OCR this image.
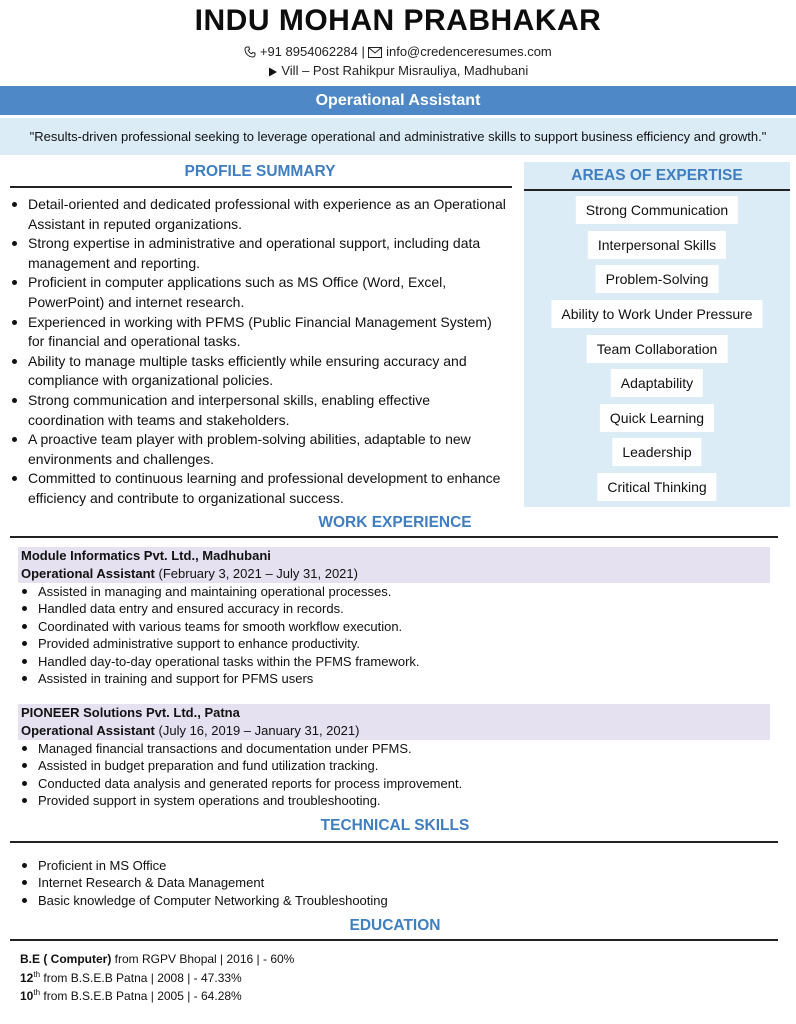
INDU MOHAN PRABHAKAR
+91 8954062284 | info@credenceresumes.com
Vill – Post Rahikpur Misrauliya, Madhubani
Operational Assistant
"Results-driven professional seeking to leverage operational and administrative skills to support business efficiency and growth."
PROFILE SUMMARY
Detail-oriented and dedicated professional with experience as an Operational Assistant in reputed organizations.
Strong expertise in administrative and operational support, including data management and reporting.
Proficient in computer applications such as MS Office (Word, Excel, PowerPoint) and internet research.
Experienced in working with PFMS (Public Financial Management System) for financial and operational tasks.
Ability to manage multiple tasks efficiently while ensuring accuracy and compliance with organizational policies.
Strong communication and interpersonal skills, enabling effective coordination with teams and stakeholders.
A proactive team player with problem-solving abilities, adaptable to new environments and challenges.
Committed to continuous learning and professional development to enhance efficiency and contribute to organizational success.
AREAS OF EXPERTISE
Strong Communication
Interpersonal Skills
Problem-Solving
Ability to Work Under Pressure
Team Collaboration
Adaptability
Quick Learning
Leadership
Critical Thinking
WORK EXPERIENCE
Module Informatics Pvt. Ltd., Madhubani
Operational Assistant (February 3, 2021 – July 31, 2021)
Assisted in managing and maintaining operational processes.
Handled data entry and ensured accuracy in records.
Coordinated with various teams for smooth workflow execution.
Provided administrative support to enhance productivity.
Handled day-to-day operational tasks within the PFMS framework.
Assisted in training and support for PFMS users
PIONEER Solutions Pvt. Ltd., Patna
Operational Assistant (July 16, 2019 – January 31, 2021)
Managed financial transactions and documentation under PFMS.
Assisted in budget preparation and fund utilization tracking.
Conducted data analysis and generated reports for process improvement.
Provided support in system operations and troubleshooting.
TECHNICAL SKILLS
Proficient in MS Office
Internet Research & Data Management
Basic knowledge of Computer Networking & Troubleshooting
EDUCATION
B.E ( Computer) from RGPV Bhopal | 2016 | - 60%
12th from B.S.E.B Patna | 2008 | - 47.33%
10th from B.S.E.B Patna | 2005 | - 64.28%
